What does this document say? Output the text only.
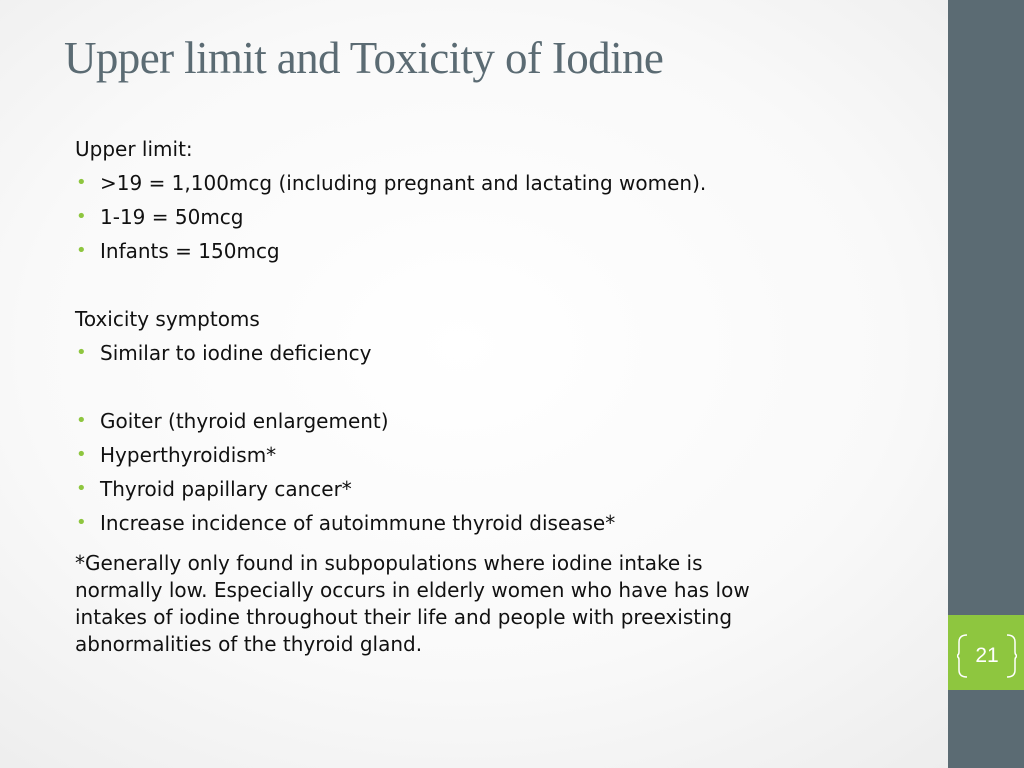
21
Upper limit and Toxicity of Iodine
Upper limit:
• >19 = 1,100mcg (including pregnant and lactating women).
• 1-19 = 50mcg
• Infants = 150mcg
Toxicity symptoms
• Similar to iodine deficiency
• Goiter (thyroid enlargement)
• Hyperthyroidism*
• Thyroid papillary cancer*
• Increase incidence of autoimmune thyroid disease*
*Generally only found in subpopulations where iodine intake is
normally low. Especially occurs in elderly women who have has low
intakes of iodine throughout their life and people with preexisting
abnormalities of the thyroid gland.
